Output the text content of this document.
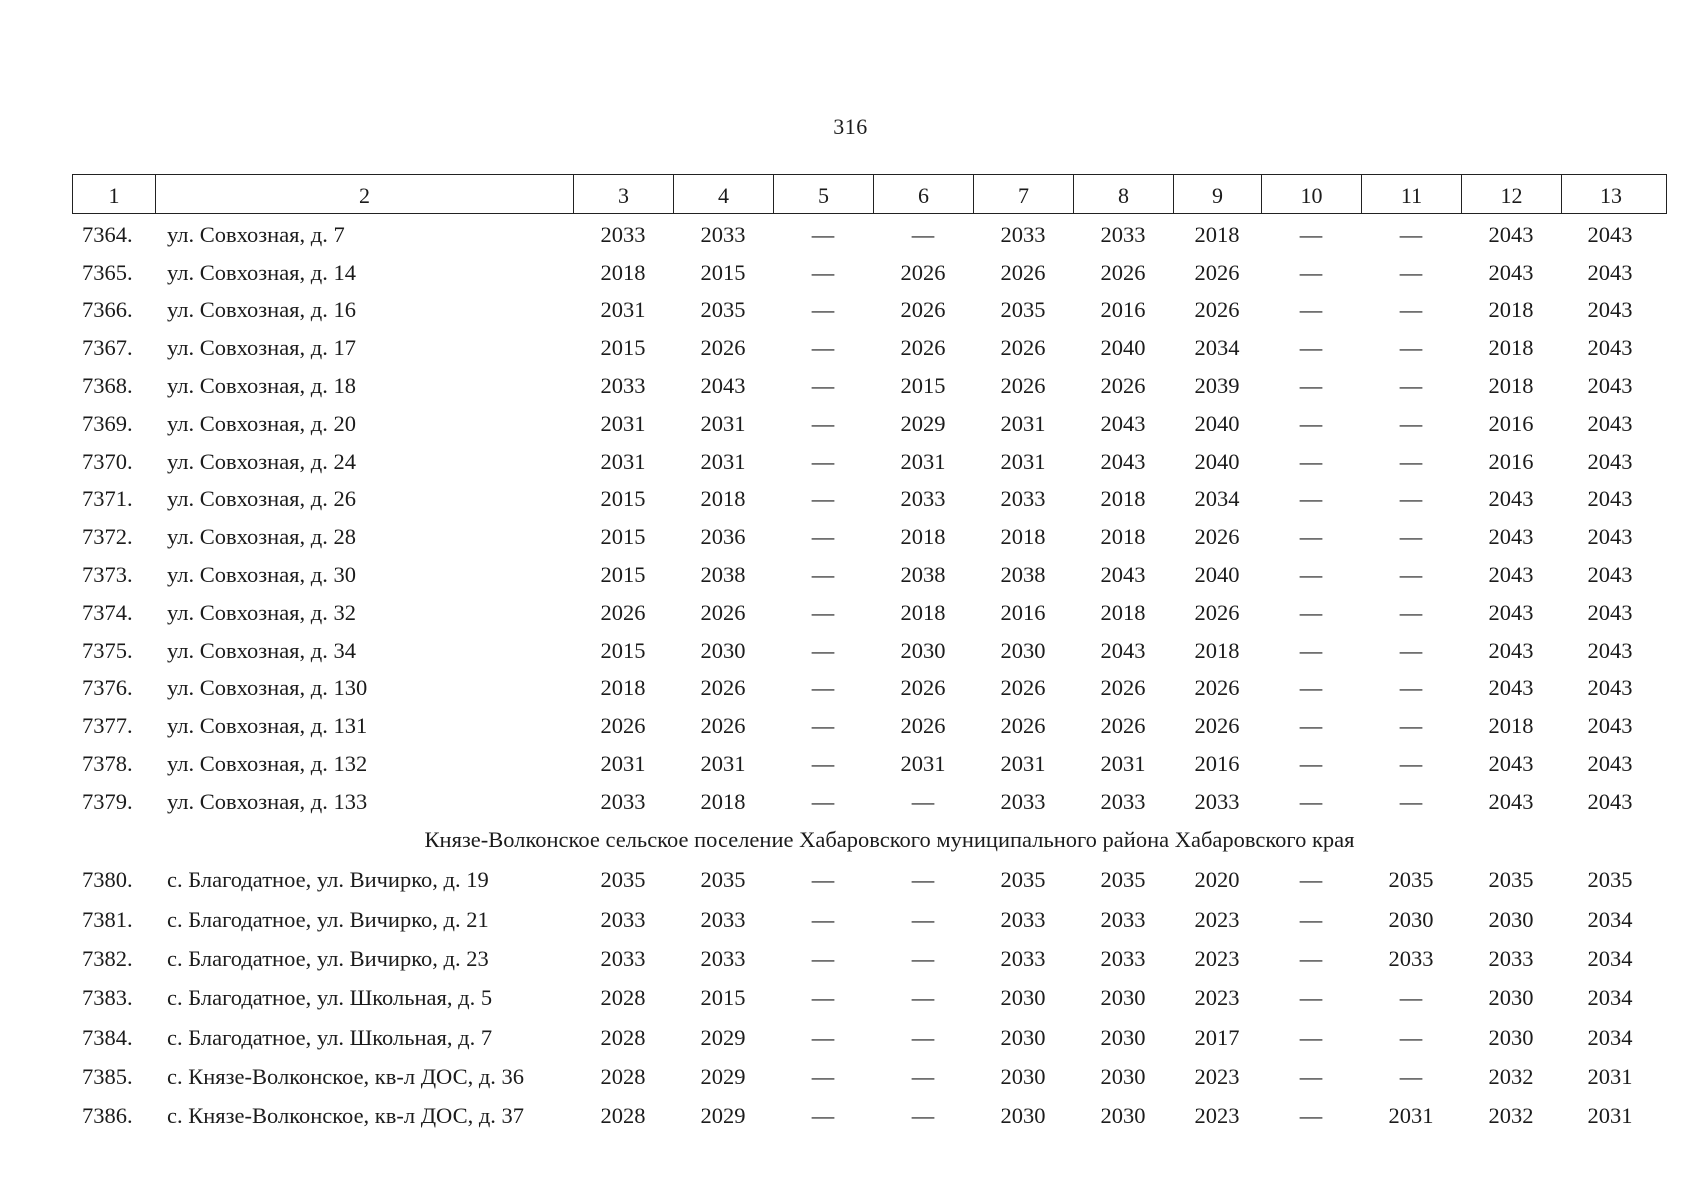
316
1	2	3	4	5	6	7	8	9	10	11	12	13
7364.	ул. Совхозная, д. 7	2033	2033	—	—	2033	2033	2018	—	—	2043	2043
7365.	ул. Совхозная, д. 14	2018	2015	—	2026	2026	2026	2026	—	—	2043	2043
7366.	ул. Совхозная, д. 16	2031	2035	—	2026	2035	2016	2026	—	—	2018	2043
7367.	ул. Совхозная, д. 17	2015	2026	—	2026	2026	2040	2034	—	—	2018	2043
7368.	ул. Совхозная, д. 18	2033	2043	—	2015	2026	2026	2039	—	—	2018	2043
7369.	ул. Совхозная, д. 20	2031	2031	—	2029	2031	2043	2040	—	—	2016	2043
7370.	ул. Совхозная, д. 24	2031	2031	—	2031	2031	2043	2040	—	—	2016	2043
7371.	ул. Совхозная, д. 26	2015	2018	—	2033	2033	2018	2034	—	—	2043	2043
7372.	ул. Совхозная, д. 28	2015	2036	—	2018	2018	2018	2026	—	—	2043	2043
7373.	ул. Совхозная, д. 30	2015	2038	—	2038	2038	2043	2040	—	—	2043	2043
7374.	ул. Совхозная, д. 32	2026	2026	—	2018	2016	2018	2026	—	—	2043	2043
7375.	ул. Совхозная, д. 34	2015	2030	—	2030	2030	2043	2018	—	—	2043	2043
7376.	ул. Совхозная, д. 130	2018	2026	—	2026	2026	2026	2026	—	—	2043	2043
7377.	ул. Совхозная, д. 131	2026	2026	—	2026	2026	2026	2026	—	—	2018	2043
7378.	ул. Совхозная, д. 132	2031	2031	—	2031	2031	2031	2016	—	—	2043	2043
7379.	ул. Совхозная, д. 133	2033	2018	—	—	2033	2033	2033	—	—	2043	2043
Князе-Волконское сельское поселение Хабаровского муниципального района Хабаровского края
7380.	с. Благодатное, ул. Вичирко, д. 19	2035	2035	—	—	2035	2035	2020	—	2035	2035	2035
7381.	с. Благодатное, ул. Вичирко, д. 21	2033	2033	—	—	2033	2033	2023	—	2030	2030	2034
7382.	с. Благодатное, ул. Вичирко, д. 23	2033	2033	—	—	2033	2033	2023	—	2033	2033	2034
7383.	с. Благодатное, ул. Школьная, д. 5	2028	2015	—	—	2030	2030	2023	—	—	2030	2034
7384.	с. Благодатное, ул. Школьная, д. 7	2028	2029	—	—	2030	2030	2017	—	—	2030	2034
7385.	с. Князе-Волконское, кв-л ДОС, д. 36	2028	2029	—	—	2030	2030	2023	—	—	2032	2031
7386.	с. Князе-Волконское, кв-л ДОС, д. 37	2028	2029	—	—	2030	2030	2023	—	2031	2032	2031
